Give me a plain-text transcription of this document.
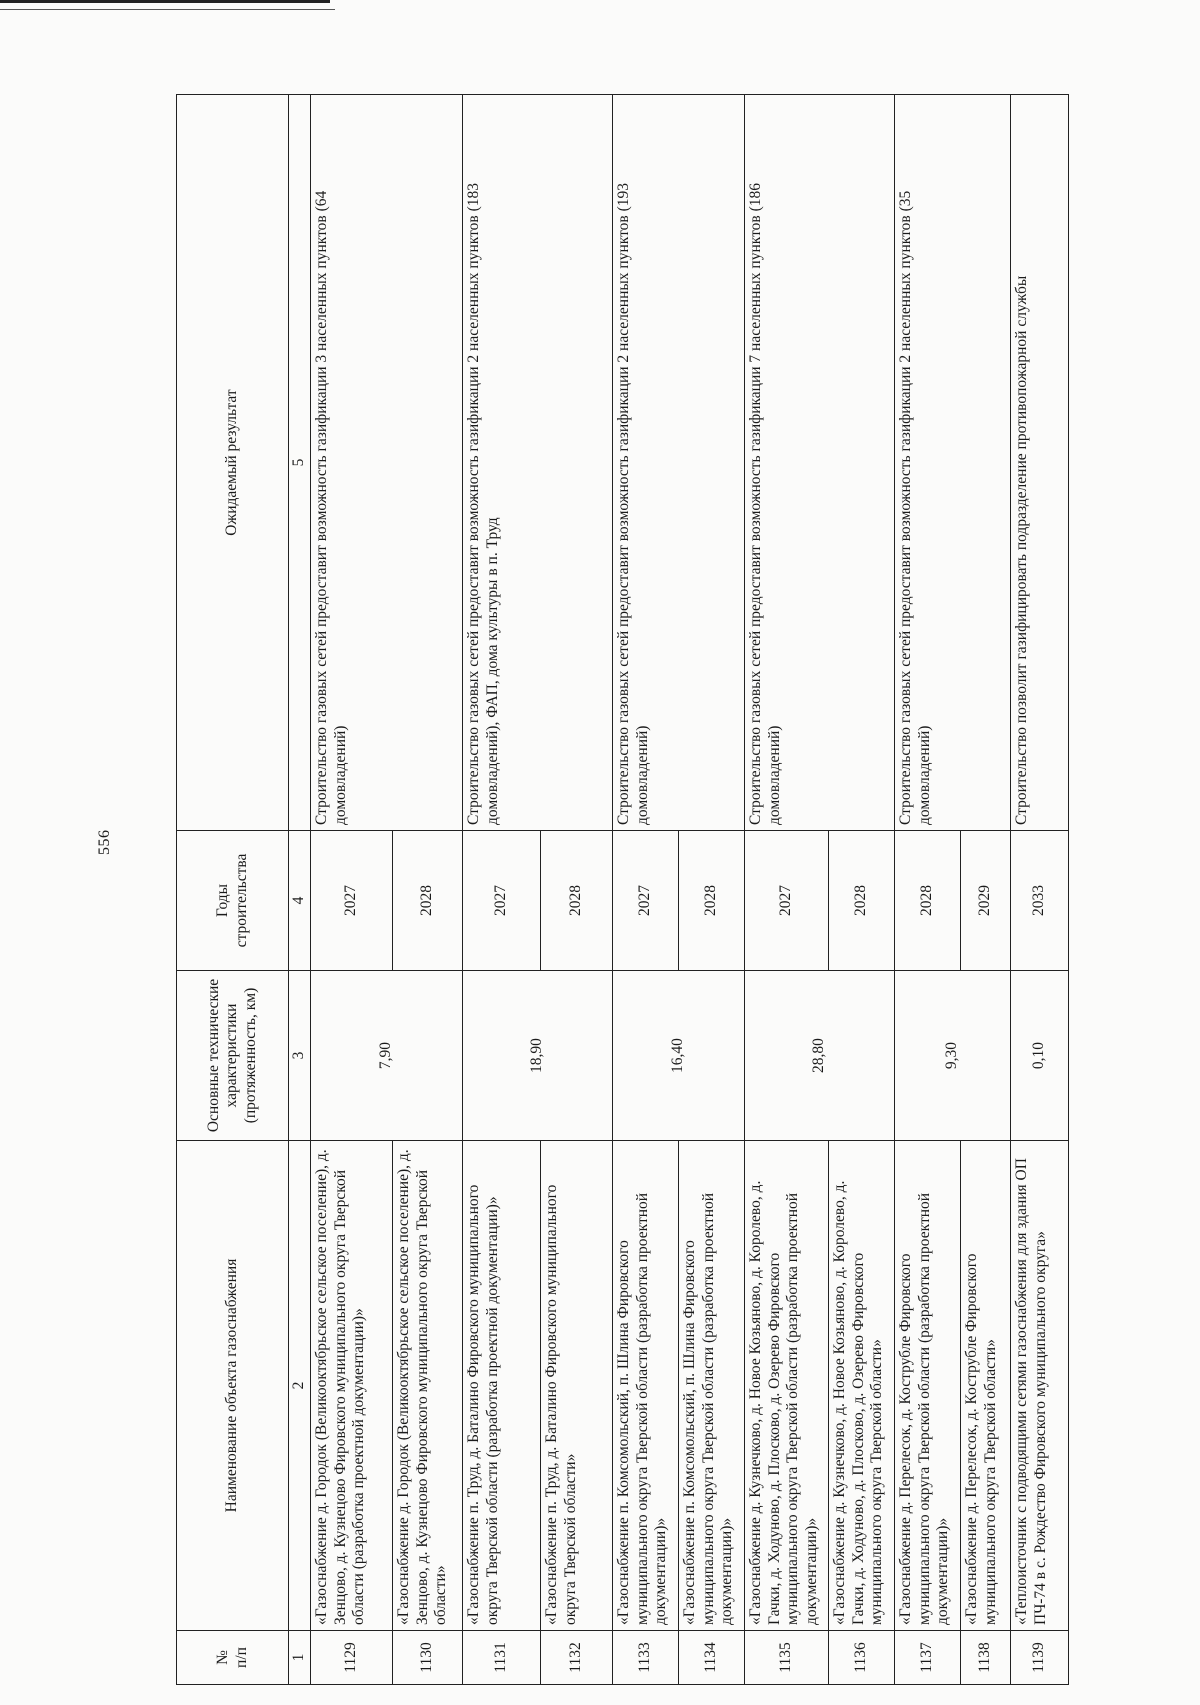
556
№
п/п	Наименование объекта газоснабжения	Основные технические характеристики (протяженность, км)	Годы строительства	Ожидаемый результат
1	2	3	4	5
1129	«Газоснабжение д. Городок (Великооктябрьское сельское поселение), д. Зенцово, д. Кузнецово Фировского муниципального округа Тверской области (разработка проектной документации)»	7,90	2027	Строительство газовых сетей предоставит возможность газификации 3 населенных пунктов (64 домовладений)
1130	«Газоснабжение д. Городок (Великооктябрьское сельское поселение), д. Зенцово, д. Кузнецово Фировского муниципального округа Тверской области»		2028	
1131	«Газоснабжение п. Труд, д. Баталино Фировского муниципального округа Тверской области (разработка проектной документации)»	18,90	2027	Строительство газовых сетей предоставит возможность газификации 2 населенных пунктов (183 домовладений), ФАП, дома культуры в п. Труд
1132	«Газоснабжение п. Труд, д. Баталино Фировского муниципального округа Тверской области»		2028	
1133	«Газоснабжение п. Комсомольский, п. Шлина Фировского муниципального округа Тверской области (разработка проектной документации)»	16,40	2027	Строительство газовых сетей предоставит возможность газификации 2 населенных пунктов (193 домовладений)
1134	«Газоснабжение п. Комсомольский, п. Шлина Фировского муниципального округа Тверской области (разработка проектной документации)»		2028	
1135	«Газоснабжение д. Кузнечково, д. Новое Козьяново, д. Королево, д. Гачки, д. Ходуново, д. Плосково, д. Озерево Фировского муниципального округа Тверской области (разработка проектной документации)»	28,80	2027	Строительство газовых сетей предоставит возможность газификации 7 населенных пунктов (186 домовладений)
1136	«Газоснабжение д. Кузнечково, д. Новое Козьяново, д. Королево, д. Гачки, д. Ходуново, д. Плосково, д. Озерево Фировского муниципального округа Тверской области»		2028	
1137	«Газоснабжение д. Перелесок, д. Кострубле Фировского муниципального округа Тверской области (разработка проектной документации)»	9,30	2028	Строительство газовых сетей предоставит возможность газификации 2 населенных пунктов (35 домовладений)
1138	«Газоснабжение д. Перелесок, д. Кострубле Фировского муниципального округа Тверской области»		2029	
1139	«Теплоисточник с подводящими сетями газоснабжения для здания ОП ПЧ-74 в с. Рождество Фировского муниципального округа»	0,10	2033	Строительство позволит газифицировать подразделение противопожарной службы
